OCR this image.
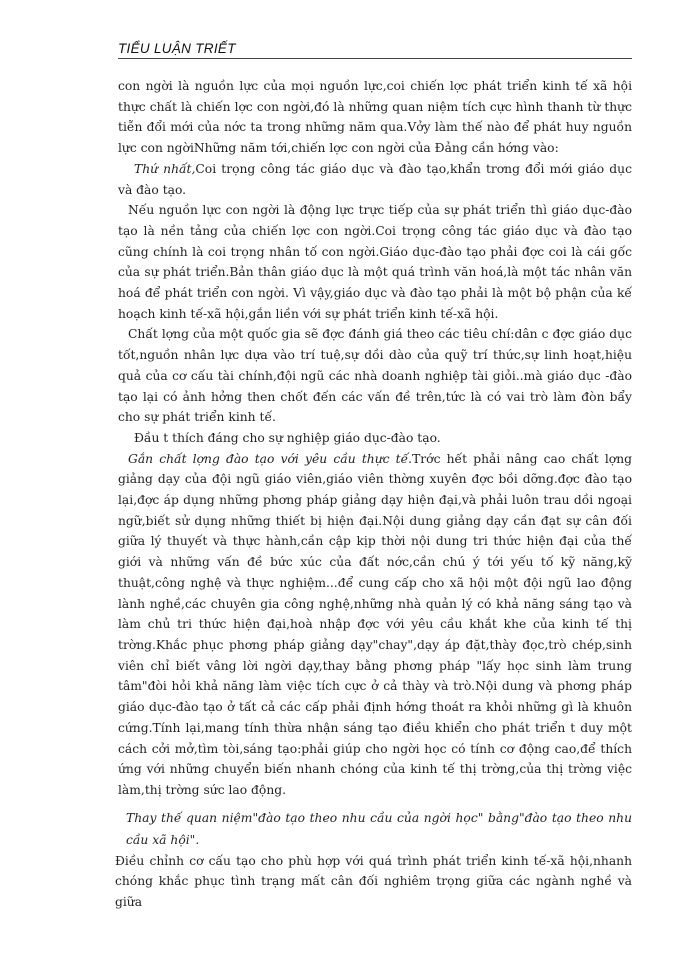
TIỂU LUẬN TRIẾT

con ngời là nguồn lực của mọi nguồn lực,coi chiến lợc phát triển kinh tế xã hội thực chất là chiến lợc con ngời,đó là những quan niệm tích cực hình thanh từ thực tiễn đổi mới của nớc ta trong những năm qua.Vởy làm thế nào để phát huy nguồn lực con ngờiNhững năm tới,chiến lợc con ngời của Đảng cần hớng vào:

Thứ nhất,Coi trọng công tác giáo dục và đào tạo,khẩn trơng đổi mới giáo dục và đào tạo.

Nếu nguồn lực con ngời là động lực trực tiếp của sự phát triển thì giáo dục-đào tạo là nền tảng của chiến lợc con ngời.Coi trọng công tác giáo dục và đào tạo cũng chính là coi trọng nhân tố con ngời.Giáo dục-đào tạo phải đợc coi là cái gốc của sự phát triển.Bản thân giáo dục là một quá trình văn hoá,là một tác nhân văn hoá để phát triển con ngời. Vì vậy,giáo dục và đào tạo phải là một bộ phận của kế hoạch kinh tế-xã hội,gắn liền với sự phát triển kinh tế-xã hội.

Chất lợng của một quốc gia sẽ đợc đánh giá theo các tiêu chí:dân c đợc giáo dục tốt,nguồn nhân lực dựa vào trí tuệ,sự dồi dào của quỹ trí thức,sự linh hoạt,hiệu quả của cơ cấu tài chính,đội ngũ các nhà doanh nghiệp tài giỏi..mà giáo dục -đào tạo lại có ảnh hởng then chốt đến các vấn đề trên,tức là có vai trò làm đòn bẩy cho sự phát triển kinh tế.

Đầu t thích đáng cho sự nghiệp giáo dục-đào tạo.

Gắn chất lợng đào tạo với yêu cầu thực tế.Trớc hết phải nâng cao chất lợng giảng dạy của đội ngũ giáo viên,giáo viên thờng xuyên đợc bồi dỡng.đợc đào tạo lại,đợc áp dụng những phơng pháp giảng dạy hiện đại,và phải luôn trau dồi ngoại ngữ,biết sử dụng những thiết bị hiện đại.Nội dung giảng dạy cần đạt sự cân đối giữa lý thuyết và thực hành,cần cập kịp thời nội dung tri thức hiện đại của thế giới và những vấn đề bức xúc của đất nớc,cần chú ý tới yếu tố kỹ năng,kỹ thuật,công nghệ và thực nghiệm...để cung cấp cho xã hội một đội ngũ lao động lành nghề,các chuyên gia công nghệ,những nhà quản lý có khả năng sáng tạo và làm chủ tri thức hiện đại,hoà nhập đợc với yêu cầu khắt khe của kinh tế thị trờng.Khắc phục phơng pháp giảng dạy"chay",dạy áp đặt,thày đọc,trò chép,sinh viên chỉ biết vâng lời ngời dạy,thay bằng phơng pháp "lấy học sinh làm trung tâm"đòi hỏi khả năng làm việc tích cực ở cả thày và trò.Nội dung và phơng pháp giáo dục-đào tạo ở tất cả các cấp phải định hớng thoát ra khỏi những gì là khuôn cứng.Tính lại,mang tính thừa nhận sáng tạo điều khiển cho phát triển t duy một cách cởi mở,tìm tòi,sáng tạo:phải giúp cho ngời học có tính cơ động cao,để thích ứng với những chuyển biến nhanh chóng của kinh tế thị trờng,của thị trờng việc làm,thị trờng sức lao động.

Thay thế quan niệm"đào tạo theo nhu cầu của ngời học" bằng"đào tạo theo nhu cầu xã hội".

Điều chỉnh cơ cấu tạo cho phù hợp với quá trình phát triển kinh tế-xã hội,nhanh chóng khắc phục tình trạng mất cân đối nghiêm trọng giữa các ngành nghề và giữa
